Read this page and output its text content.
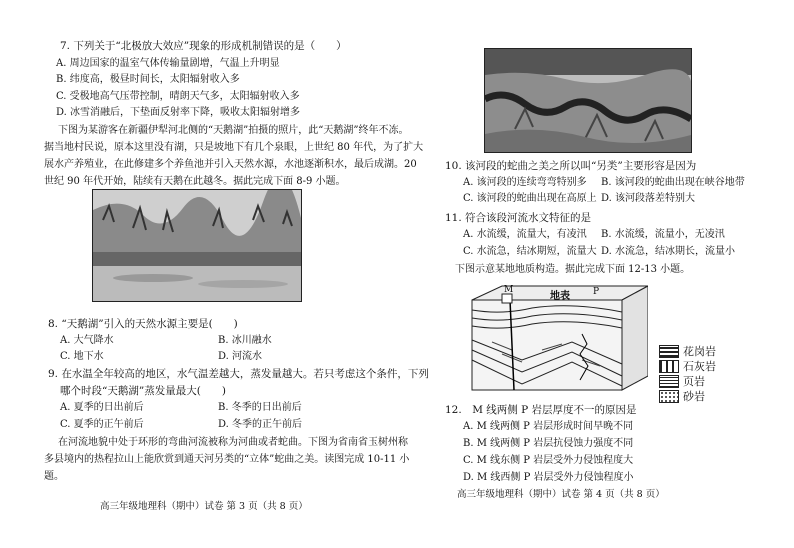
7. 下列关于“北极放大效应”现象的形成机制错误的是（　　）
A. 周边国家的温室气体传输量剧增，气温上升明显
B. 纬度高，极昼时间长，太阳辐射收入多
C. 受极地高气压带控制，晴朗天气多，太阳辐射收入多
D. 冰雪消融后，下垫面反射率下降，吸收太阳辐射增多
下图为某游客在新疆伊犁河北侧的“天鹅湖”拍摄的照片，此“天鹅湖”终年不冻。
据当地村民说，原本这里没有湖，只是坡地下有几个泉眼，上世纪 80 年代，为了扩大
展水产养殖业，在此修建多个养鱼池并引入天然水源，水池逐渐积水，最后成湖。20
世纪 90 年代开始，陆续有天鹅在此越冬。据此完成下面 8-9 小题。
8. “天鹅湖”引入的天然水源主要是(　　)
A. 大气降水	B. 冰川融水
C. 地下水	D. 河流水
9. 在水温全年较高的地区，水气温差越大，蒸发量越大。若只考虑这个条件，下列
哪个时段“天鹅湖”蒸发量最大(　　)
A. 夏季的日出前后	B. 冬季的日出前后
C. 夏季的正午前后	D. 冬季的正午前后
在河流地貌中处于环形的弯曲河流被称为河曲或者蛇曲。下图为省南省玉树州称
多县境内的热程拉山上能欣赏到通天河另类的“立体”蛇曲之美。读图完成 10-11 小
题。
高三年级地理科（期中）试卷 第 3 页（共 8 页）
10. 该河段的蛇曲之美之所以叫“另类”主要形容是因为
A. 该河段的连续弯弯特别多 B. 该河段的蛇曲出现在峡谷地带
C. 该河段的蛇曲出现在高原上 D. 该河段落差特别大
11. 符合该段河流水文特征的是
A. 水流缓，流量大，有凌汛 B. 水流缓，流量小，无凌汛
C. 水流急，结冰期短，流量大 D. 水流急，结冰期长，流量小
下图示意某地地质构造。据此完成下面 12-13 小题。
M
地表	P
花岗岩
石灰岩
页岩
砂岩
12.　M 线两侧 P 岩层厚度不一的原因是
A. M 线两侧 P 岩层形成时间早晚不同
B. M 线两侧 P 岩层抗侵蚀力强度不同
C. M 线东侧 P 岩层受外力侵蚀程度大
D. M 线西侧 P 岩层受外力侵蚀程度小
高三年级地理科（期中）试卷 第 4 页（共 8 页）
